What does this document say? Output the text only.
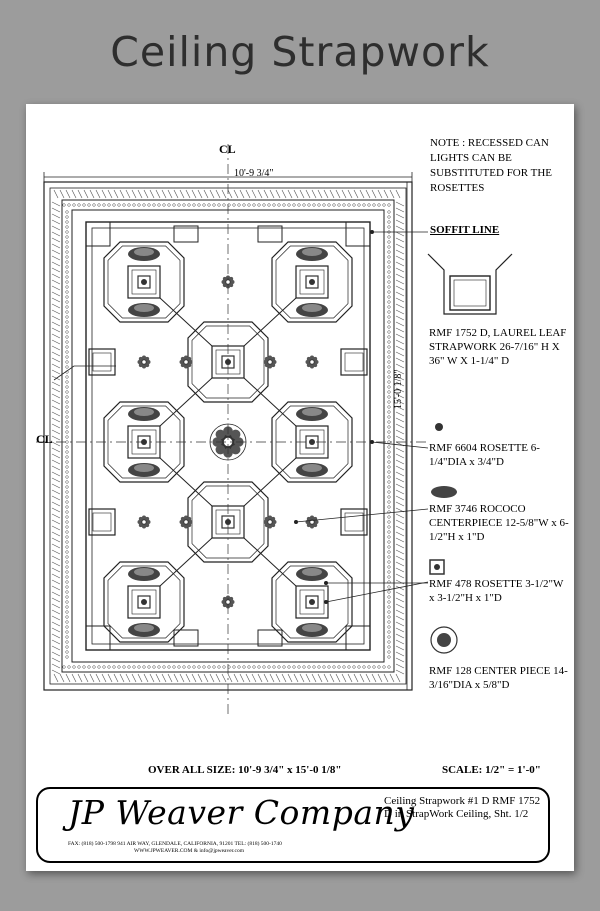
Ceiling Strapwork
CL
CL
10'-9 3/4"
15'-0 1/8"
NOTE : RECESSED CAN LIGHTS CAN BE SUBSTITUTED FOR THE ROSETTES
SOFFIT LINE
RMF 1752 D, LAUREL LEAF STRAPWORK 26-7/16" H X 36" W X 1-1/4" D
RMF 6604 ROSETTE 6-1/4"DIA x 3/4"D
RMF 3746 ROCOCO CENTERPIECE 12-5/8"W x 6-1/2"H x 1"D
RMF 478 ROSETTE 3-1/2"W x 3-1/2"H x 1"D
RMF 128 CENTER PIECE 14-3/16"DIA x 5/8"D
OVER ALL SIZE: 10'-9 3/4" x 15'-0 1/8"	SCALE: 1/2" = 1'-0"
JP Weaver Company
FAX: (818) 500-1798 941 AIR WAY, GLENDALE, CALIFORNIA, 91201 TEL: (818) 500-1740
WWW.JPWEAVER.COM & info@jpweaver.com
Ceiling Strapwork #1 D RMF 1752 D in StrapWork Ceiling, Sht. 1/2
